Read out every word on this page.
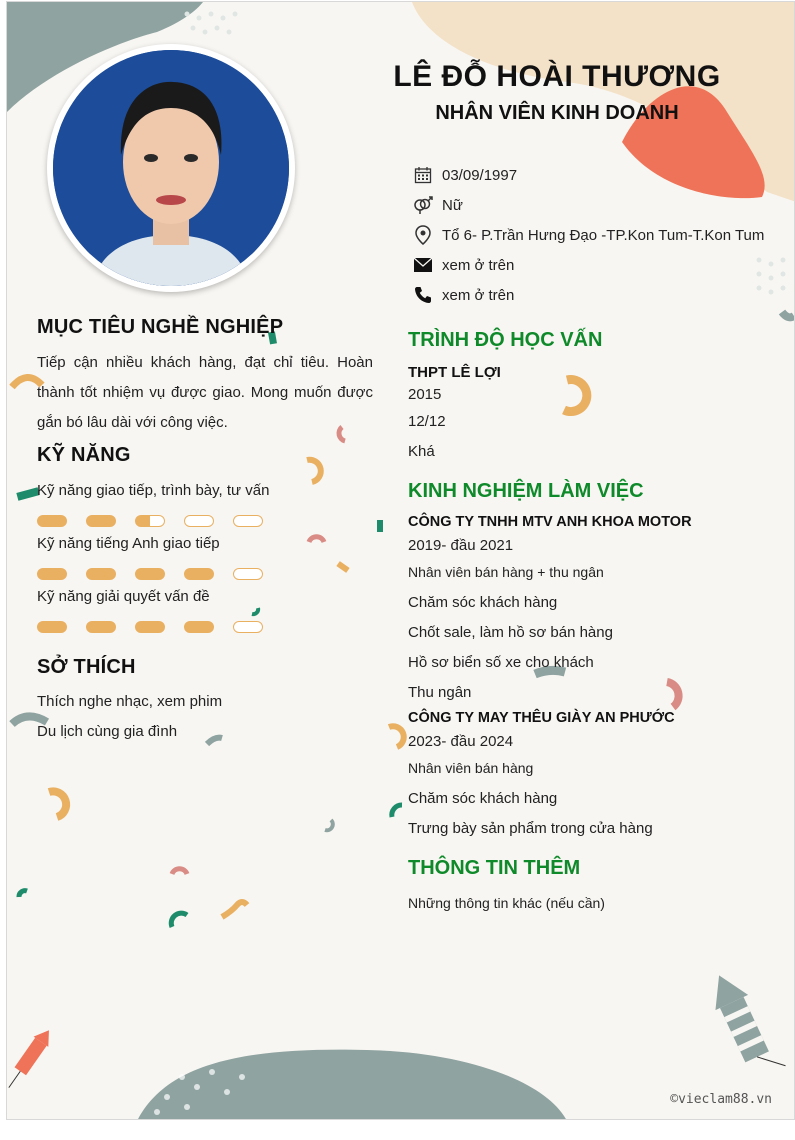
LÊ ĐỖ HOÀI THƯƠNG
NHÂN VIÊN KINH DOANH
03/09/1997
Nữ
Tổ 6- P.Trần Hưng Đạo -TP.Kon Tum-T.Kon Tum
xem ở trên
xem ở trên
MỤC TIÊU NGHỀ NGHIỆP
Tiếp cận nhiều khách hàng, đạt chỉ tiêu. Hoàn thành tốt nhiệm vụ được giao. Mong muốn được gắn bó lâu dài với công việc.
KỸ NĂNG
Kỹ năng giao tiếp, trình bày, tư vấn
Kỹ năng tiếng Anh giao tiếp
Kỹ năng giải quyết vấn đề
SỞ THÍCH
Thích nghe nhạc, xem phim
Du lịch cùng gia đình
TRÌNH ĐỘ HỌC VẤN
THPT LÊ LỢI
2015
12/12
Khá
KINH NGHIỆM LÀM VIỆC
CÔNG TY TNHH MTV ANH KHOA MOTOR
2019- đầu 2021
Nhân viên bán hàng + thu ngân
Chăm sóc khách hàng
Chốt sale, làm hồ sơ bán hàng
Hồ sơ biển số xe cho khách
Thu ngân
CÔNG TY MAY THÊU GIÀY AN PHƯỚC
2023- đầu 2024
Nhân viên bán hàng
Chăm sóc khách hàng
Trưng bày sản phẩm trong cửa hàng
THÔNG TIN THÊM
Những thông tin khác (nếu cần)
©vieclam88.vn
